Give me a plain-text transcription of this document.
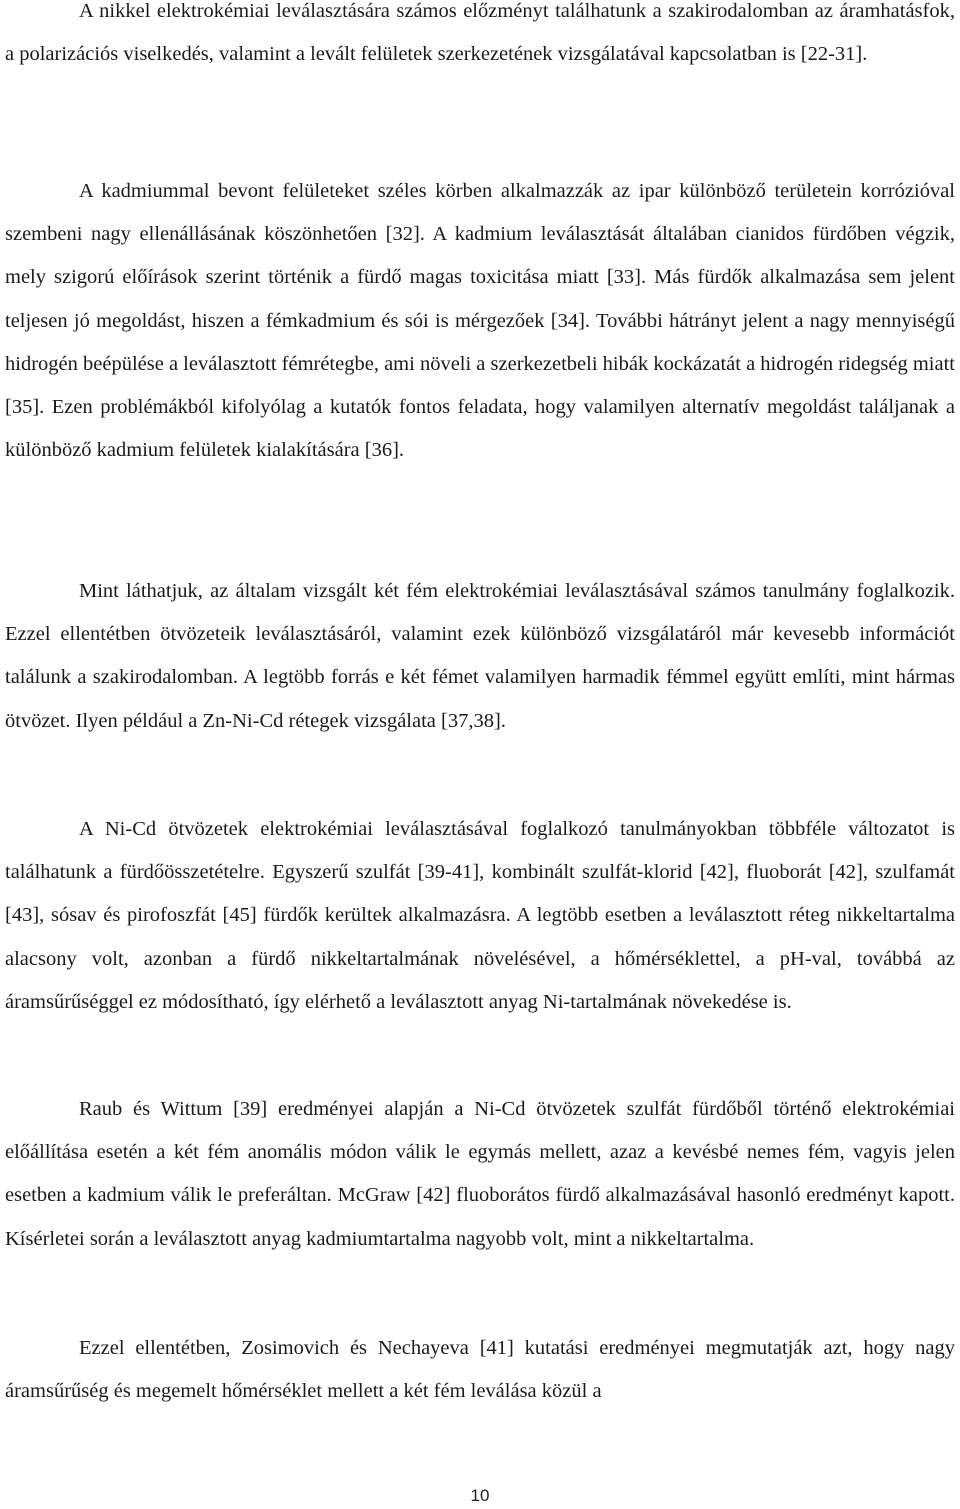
A nikkel elektrokémiai leválasztására számos előzményt találhatunk a szakirodalomban az áramhatásfok, a polarizációs viselkedés, valamint a levált felületek szerkezetének vizsgálatával kapcsolatban is [22-31].

A kadmiummal bevont felületeket széles körben alkalmazzák az ipar különböző területein korrózióval szembeni nagy ellenállásának köszönhetően [32]. A kadmium leválasztását általában cianidos fürdőben végzik, mely szigorú előírások szerint történik a fürdő magas toxicitása miatt [33]. Más fürdők alkalmazása sem jelent teljesen jó megoldást, hiszen a fémkadmium és sói is mérgezőek [34]. További hátrányt jelent a nagy mennyiségű hidrogén beépülése a leválasztott fémrétegbe, ami növeli a szerkezetbeli hibák kockázatát a hidrogén ridegség miatt [35]. Ezen problémákból kifolyólag a kutatók fontos feladata, hogy valamilyen alternatív megoldást találjanak a különböző kadmium felületek kialakítására [36].

Mint láthatjuk, az általam vizsgált két fém elektrokémiai leválasztásával számos tanulmány foglalkozik. Ezzel ellentétben ötvözeteik leválasztásáról, valamint ezek különböző vizsgálatáról már kevesebb információt találunk a szakirodalomban. A legtöbb forrás e két fémet valamilyen harmadik fémmel együtt említi, mint hármas ötvözet. Ilyen például a Zn-Ni-Cd rétegek vizsgálata [37,38].

A Ni-Cd ötvözetek elektrokémiai leválasztásával foglalkozó tanulmányokban többféle változatot is találhatunk a fürdőösszetételre. Egyszerű szulfát [39-41], kombinált szulfát-klorid [42], fluoborát [42], szulfamát [43], sósav és pirofoszfát [45] fürdők kerültek alkalmazásra. A legtöbb esetben a leválasztott réteg nikkeltartalma alacsony volt, azonban a fürdő nikkeltartalmának növelésével, a hőmérséklettel, a pH-val, továbbá az áramsűrűséggel ez módosítható, így elérhető a leválasztott anyag Ni-tartalmának növekedése is.

Raub és Wittum [39] eredményei alapján a Ni-Cd ötvözetek szulfát fürdőből történő elektrokémiai előállítása esetén a két fém anomális módon válik le egymás mellett, azaz a kevésbé nemes fém, vagyis jelen esetben a kadmium válik le preferáltan. McGraw [42] fluoborátos fürdő alkalmazásával hasonló eredményt kapott. Kísérletei során a leválasztott anyag kadmiumtartalma nagyobb volt, mint a nikkeltartalma.

Ezzel ellentétben, Zosimovich és Nechayeva [41] kutatási eredményei megmutatják azt, hogy nagy áramsűrűség és megemelt hőmérséklet mellett a két fém leválása közül a

10
